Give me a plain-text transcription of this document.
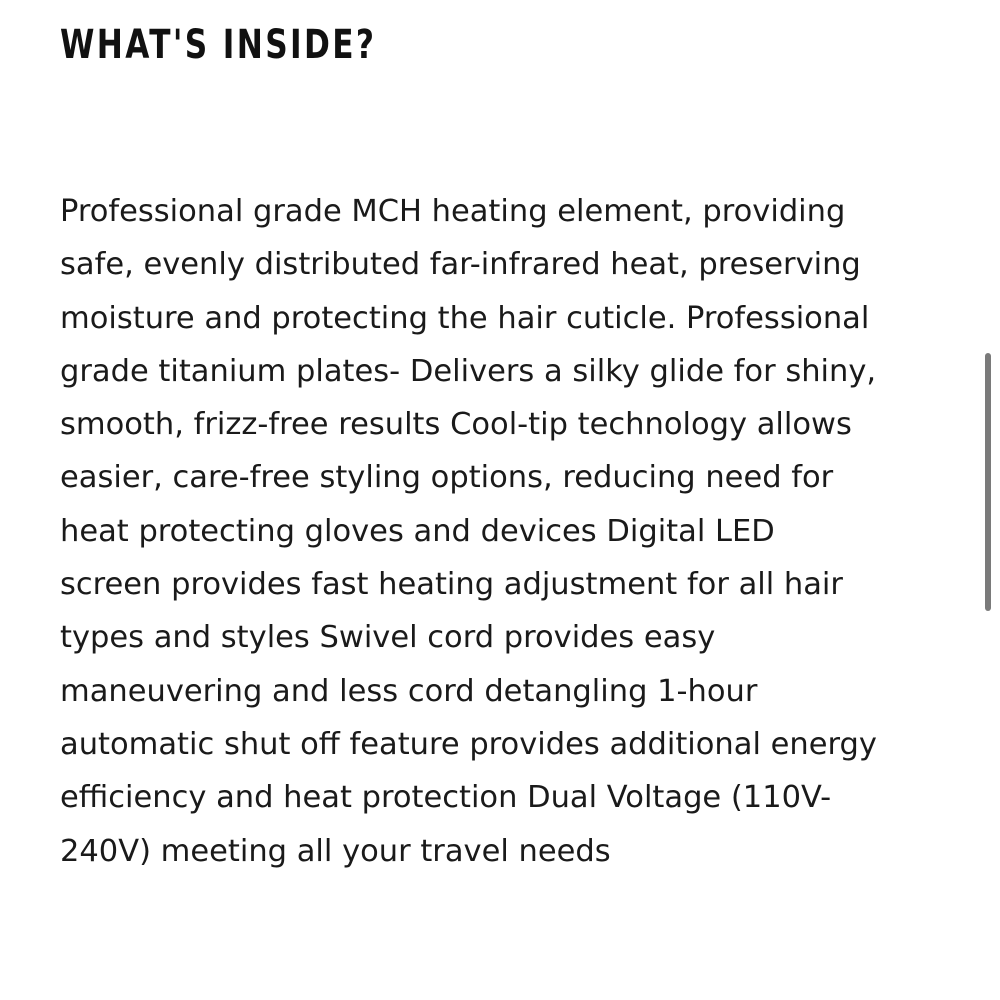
WHAT'S INSIDE?

Professional grade MCH heating element, providing
safe, evenly distributed far-infrared heat, preserving
moisture and protecting the hair cuticle. Professional
grade titanium plates- Delivers a silky glide for shiny,
smooth, frizz-free results Cool-tip technology allows
easier, care-free styling options, reducing need for
heat protecting gloves and devices Digital LED
screen provides fast heating adjustment for all hair
types and styles Swivel cord provides easy
maneuvering and less cord detangling 1-hour
automatic shut off feature provides additional energy
efficiency and heat protection Dual Voltage (110V-
240V) meeting all your travel needs
